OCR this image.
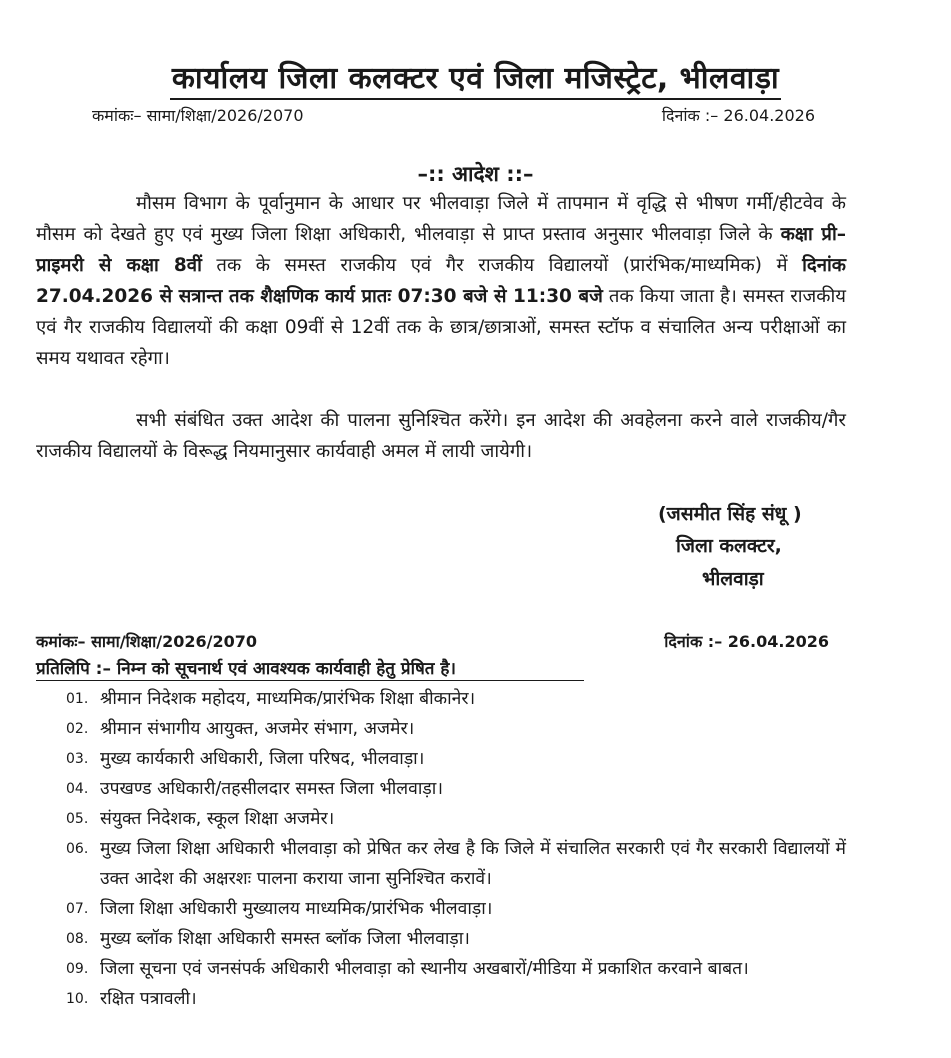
कार्यालय जिला कलक्टर एवं जिला मजिस्ट्रेट, भीलवाड़ा
कमांकः– सामा/शिक्षा/2026/2070	दिनांक :– 26.04.2026
–:: आदेश ::–

मौसम विभाग के पूर्वानुमान के आधार पर भीलवाड़ा जिले में तापमान में वृद्धि से भीषण गर्मी/हीटवेव के मौसम को देखते हुए एवं मुख्य जिला शिक्षा अधिकारी, भीलवाड़ा से प्राप्त प्रस्ताव अनुसार भीलवाड़ा जिले के कक्षा प्री–प्राइमरी से कक्षा 8वीं तक के समस्त राजकीय एवं गैर राजकीय विद्यालयों (प्रारंभिक/माध्यमिक) में दिनांक 27.04.2026 से सत्रान्त तक शैक्षणिक कार्य प्रातः 07:30 बजे से 11:30 बजे तक किया जाता है। समस्त राजकीय एवं गैर राजकीय विद्यालयों की कक्षा 09वीं से 12वीं तक के छात्र/छात्राओं, समस्त स्टॉफ व संचालित अन्य परीक्षाओं का समय यथावत रहेगा।

सभी संबंधित उक्त आदेश की पालना सुनिश्चित करेंगे। इन आदेश की अवहेलना करने वाले राजकीय/गैर राजकीय विद्यालयों के विरूद्ध नियमानुसार कार्यवाही अमल में लायी जायेगी।

(जसमीत सिंह संधू )
जिला कलक्टर,
भीलवाड़ा
कमांकः– सामा/शिक्षा/2026/2070	दिनांक :– 26.04.2026
प्रतिलिपि :– निम्न को सूचनार्थ एवं आवश्यक कार्यवाही हेतु प्रेषित है।
01. श्रीमान निदेशक महोदय, माध्यमिक/प्रारंभिक शिक्षा बीकानेर।
02. श्रीमान संभागीय आयुक्त, अजमेर संभाग, अजमेर।
03. मुख्य कार्यकारी अधिकारी, जिला परिषद, भीलवाड़ा।
04. उपखण्ड अधिकारी/तहसीलदार समस्त जिला भीलवाड़ा।
05. संयुक्त निदेशक, स्कूल शिक्षा अजमेर।
06. मुख्य जिला शिक्षा अधिकारी भीलवाड़ा को प्रेषित कर लेख है कि जिले में संचालित सरकारी एवं गैर सरकारी विद्यालयों में उक्त आदेश की अक्षरशः पालना कराया जाना सुनिश्चित करावें।
07. जिला शिक्षा अधिकारी मुख्यालय माध्यमिक/प्रारंभिक भीलवाड़ा।
08. मुख्य ब्लॉक शिक्षा अधिकारी समस्त ब्लॉक जिला भीलवाड़ा।
09. जिला सूचना एवं जनसंपर्क अधिकारी भीलवाड़ा को स्थानीय अखबारों/मीडिया में प्रकाशित करवाने बाबत।
10. रक्षित पत्रावली।
